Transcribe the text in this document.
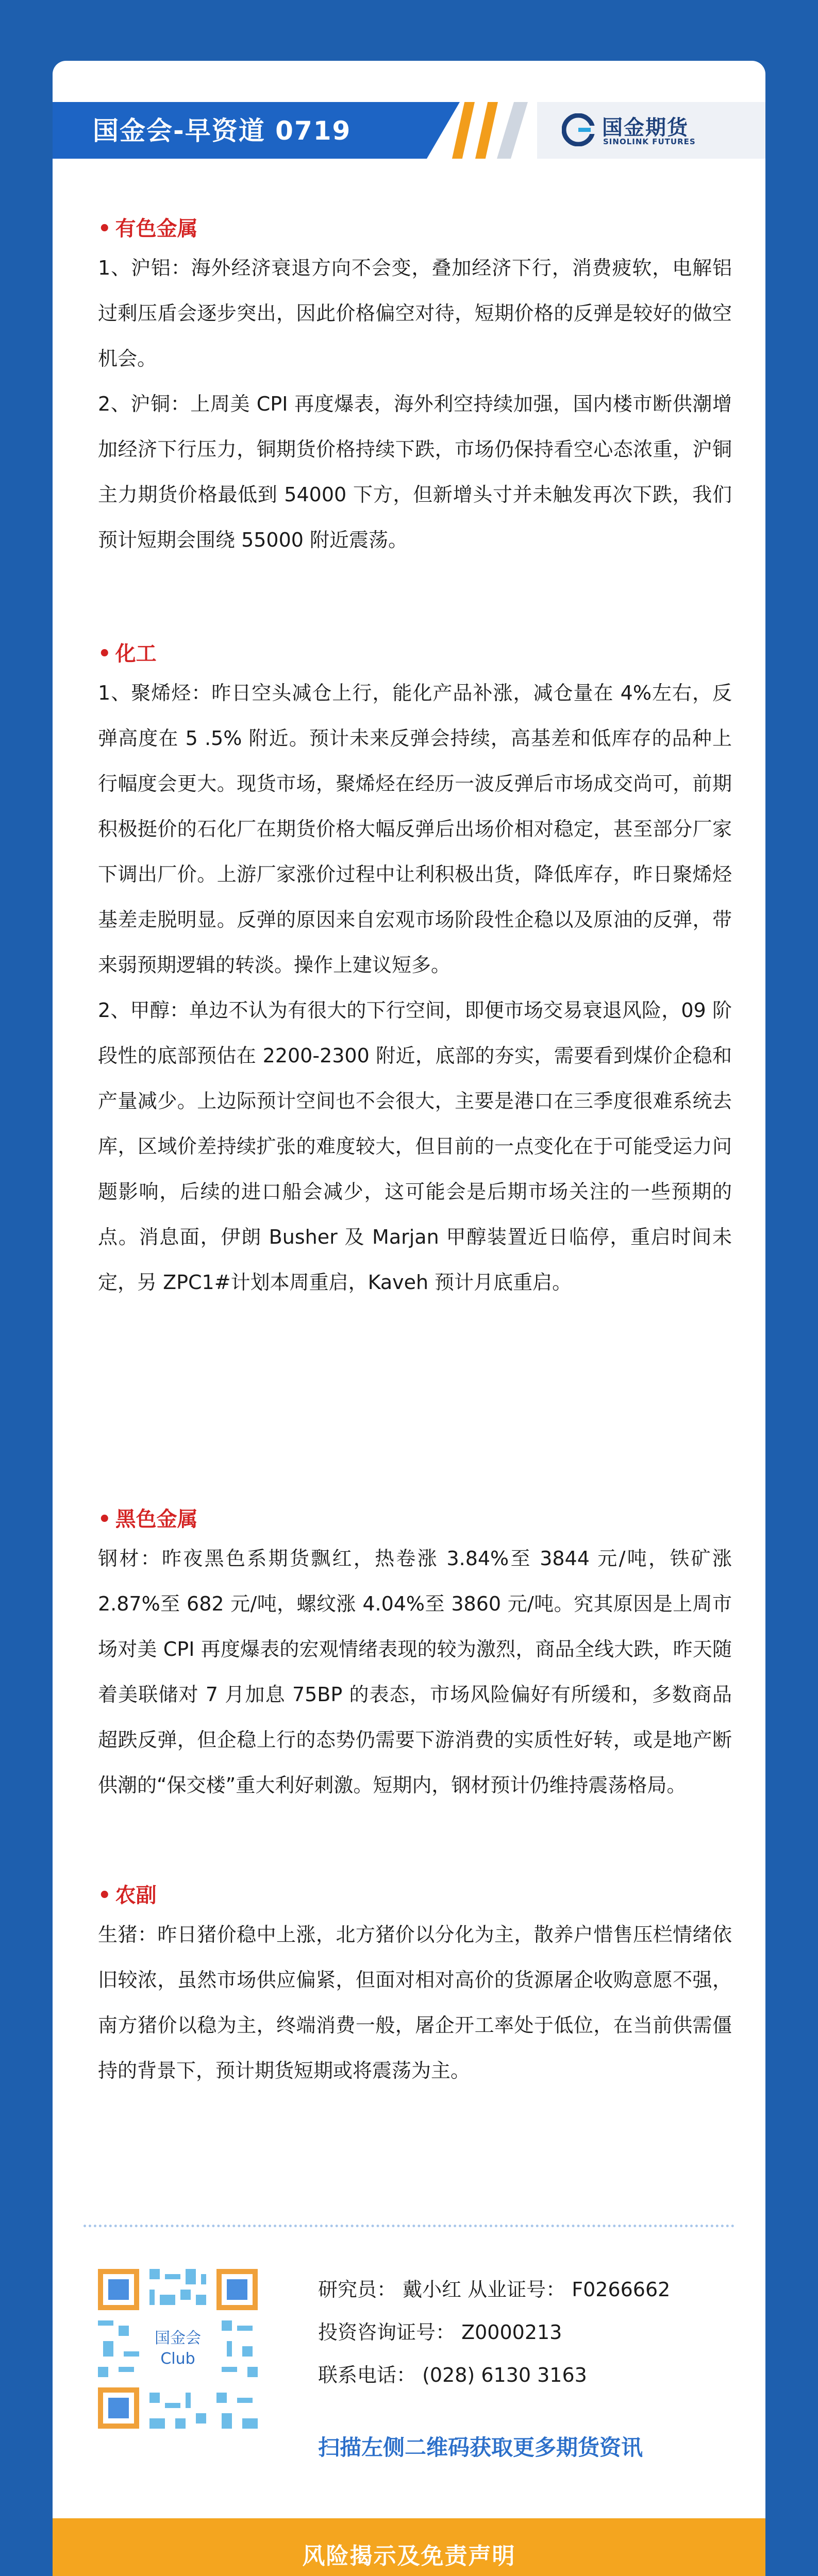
国金会-早资道 0719	国金期货
SINOLINK FUTURES
• 有色金属

1、沪铝：海外经济衰退方向不会变，叠加经济下行，消费疲软，电解铝过剩压盾会逐步突出，因此价格偏空对待，短期价格的反弹是较好的做空机会。

2、沪铜：上周美 CPI 再度爆表，海外利空持续加强，国内楼市断供潮增加经济下行压力，铜期货价格持续下跌，市场仍保持看空心态浓重，沪铜主力期货价格最低到 54000 下方，但新增头寸并未触发再次下跌，我们预计短期会围绕 55000 附近震荡。

• 化工

1、聚烯烃：昨日空头减仓上行，能化产品补涨，减仓量在 4%左右，反弹高度在 5 .5% 附近。预计未来反弹会持续，高基差和低库存的品种上行幅度会更大。现货市场，聚烯烃在经历一波反弹后市场成交尚可，前期积极挺价的石化厂在期货价格大幅反弹后出场价相对稳定，甚至部分厂家下调出厂价。上游厂家涨价过程中让利积极出货，降低库存，昨日聚烯烃基差走脱明显。反弹的原因来自宏观市场阶段性企稳以及原油的反弹，带来弱预期逻辑的转淡。操作上建议短多。

2、甲醇：单边不认为有很大的下行空间，即便市场交易衰退风险，09 阶段性的底部预估在 2200-2300 附近，底部的夯实，需要看到煤价企稳和产量减少。上边际预计空间也不会很大，主要是港口在三季度很难系统去库，区域价差持续扩张的难度较大，但目前的一点变化在于可能受运力问题影响，后续的进口船会减少，这可能会是后期市场关注的一些预期的点。消息面，伊朗 Busher 及 Marjan 甲醇装置近日临停，重启时间未定，另 ZPC1#计划本周重启，Kaveh 预计月底重启。

• 黑色金属

钢材：昨夜黑色系期货飘红，热卷涨 3.84%至 3844 元/吨，铁矿涨 2.87%至 682 元/吨，螺纹涨 4.04%至 3860 元/吨。究其原因是上周市场对美 CPI 再度爆表的宏观情绪表现的较为激烈，商品全线大跌，昨天随着美联储对 7 月加息 75BP 的表态，市场风险偏好有所缓和，多数商品超跌反弹，但企稳上行的态势仍需要下游消费的实质性好转，或是地产断供潮的“保交楼”重大利好刺激。短期内，钢材预计仍维持震荡格局。

• 农副

生猪：昨日猪价稳中上涨，北方猪价以分化为主，散养户惜售压栏情绪依旧较浓，虽然市场供应偏紧，但面对相对高价的货源屠企收购意愿不强，南方猪价以稳为主，终端消费一般，屠企开工率处于低位，在当前供需僵持的背景下，预计期货短期或将震荡为主。

国金会
Club
研究员： 戴小红 从业证号： F0266662
投资咨询证号： Z0000213
联系电话： (028) 6130 3163
扫描左侧二维码获取更多期货资讯
风险揭示及免责声明
